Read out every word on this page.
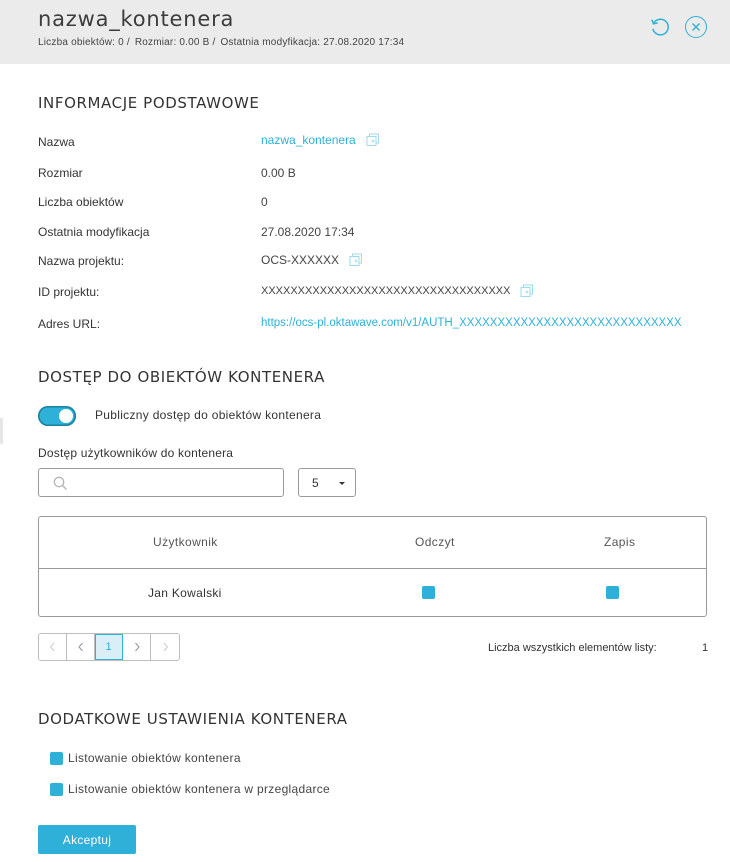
nazwa_kontenera
Liczba obiektów: 0 / Rozmiar: 0.00 B / Ostatnia modyfikacja: 27.08.2020 17:34
INFORMACJE PODSTAWOWE
Nazwa	nazwa_kontenera
Rozmiar	0.00 B
Liczba obiektów	0
Ostatnia modyfikacja	27.08.2020 17:34
Nazwa projektu:	OCS-XXXXXX
ID projektu:	XXXXXXXXXXXXXXXXXXXXXXXXXXXXXXXXXX
Adres URL:	https://ocs-pl.oktawave.com/v1/AUTH_XXXXXXXXXXXXXXXXXXXXXXXXXXXXX
DOSTĘP DO OBIEKTÓW KONTENERA
Publiczny dostęp do obiektów kontenera
Dostęp użytkowników do kontenera
5
Użytkownik	Odczyt	Zapis
Jan Kowalski
1	Liczba wszystkich elementów listy:	1
DODATKOWE USTAWIENIA KONTENERA
Listowanie obiektów kontenera
Listowanie obiektów kontenera w przeglądarce
Akceptuj
